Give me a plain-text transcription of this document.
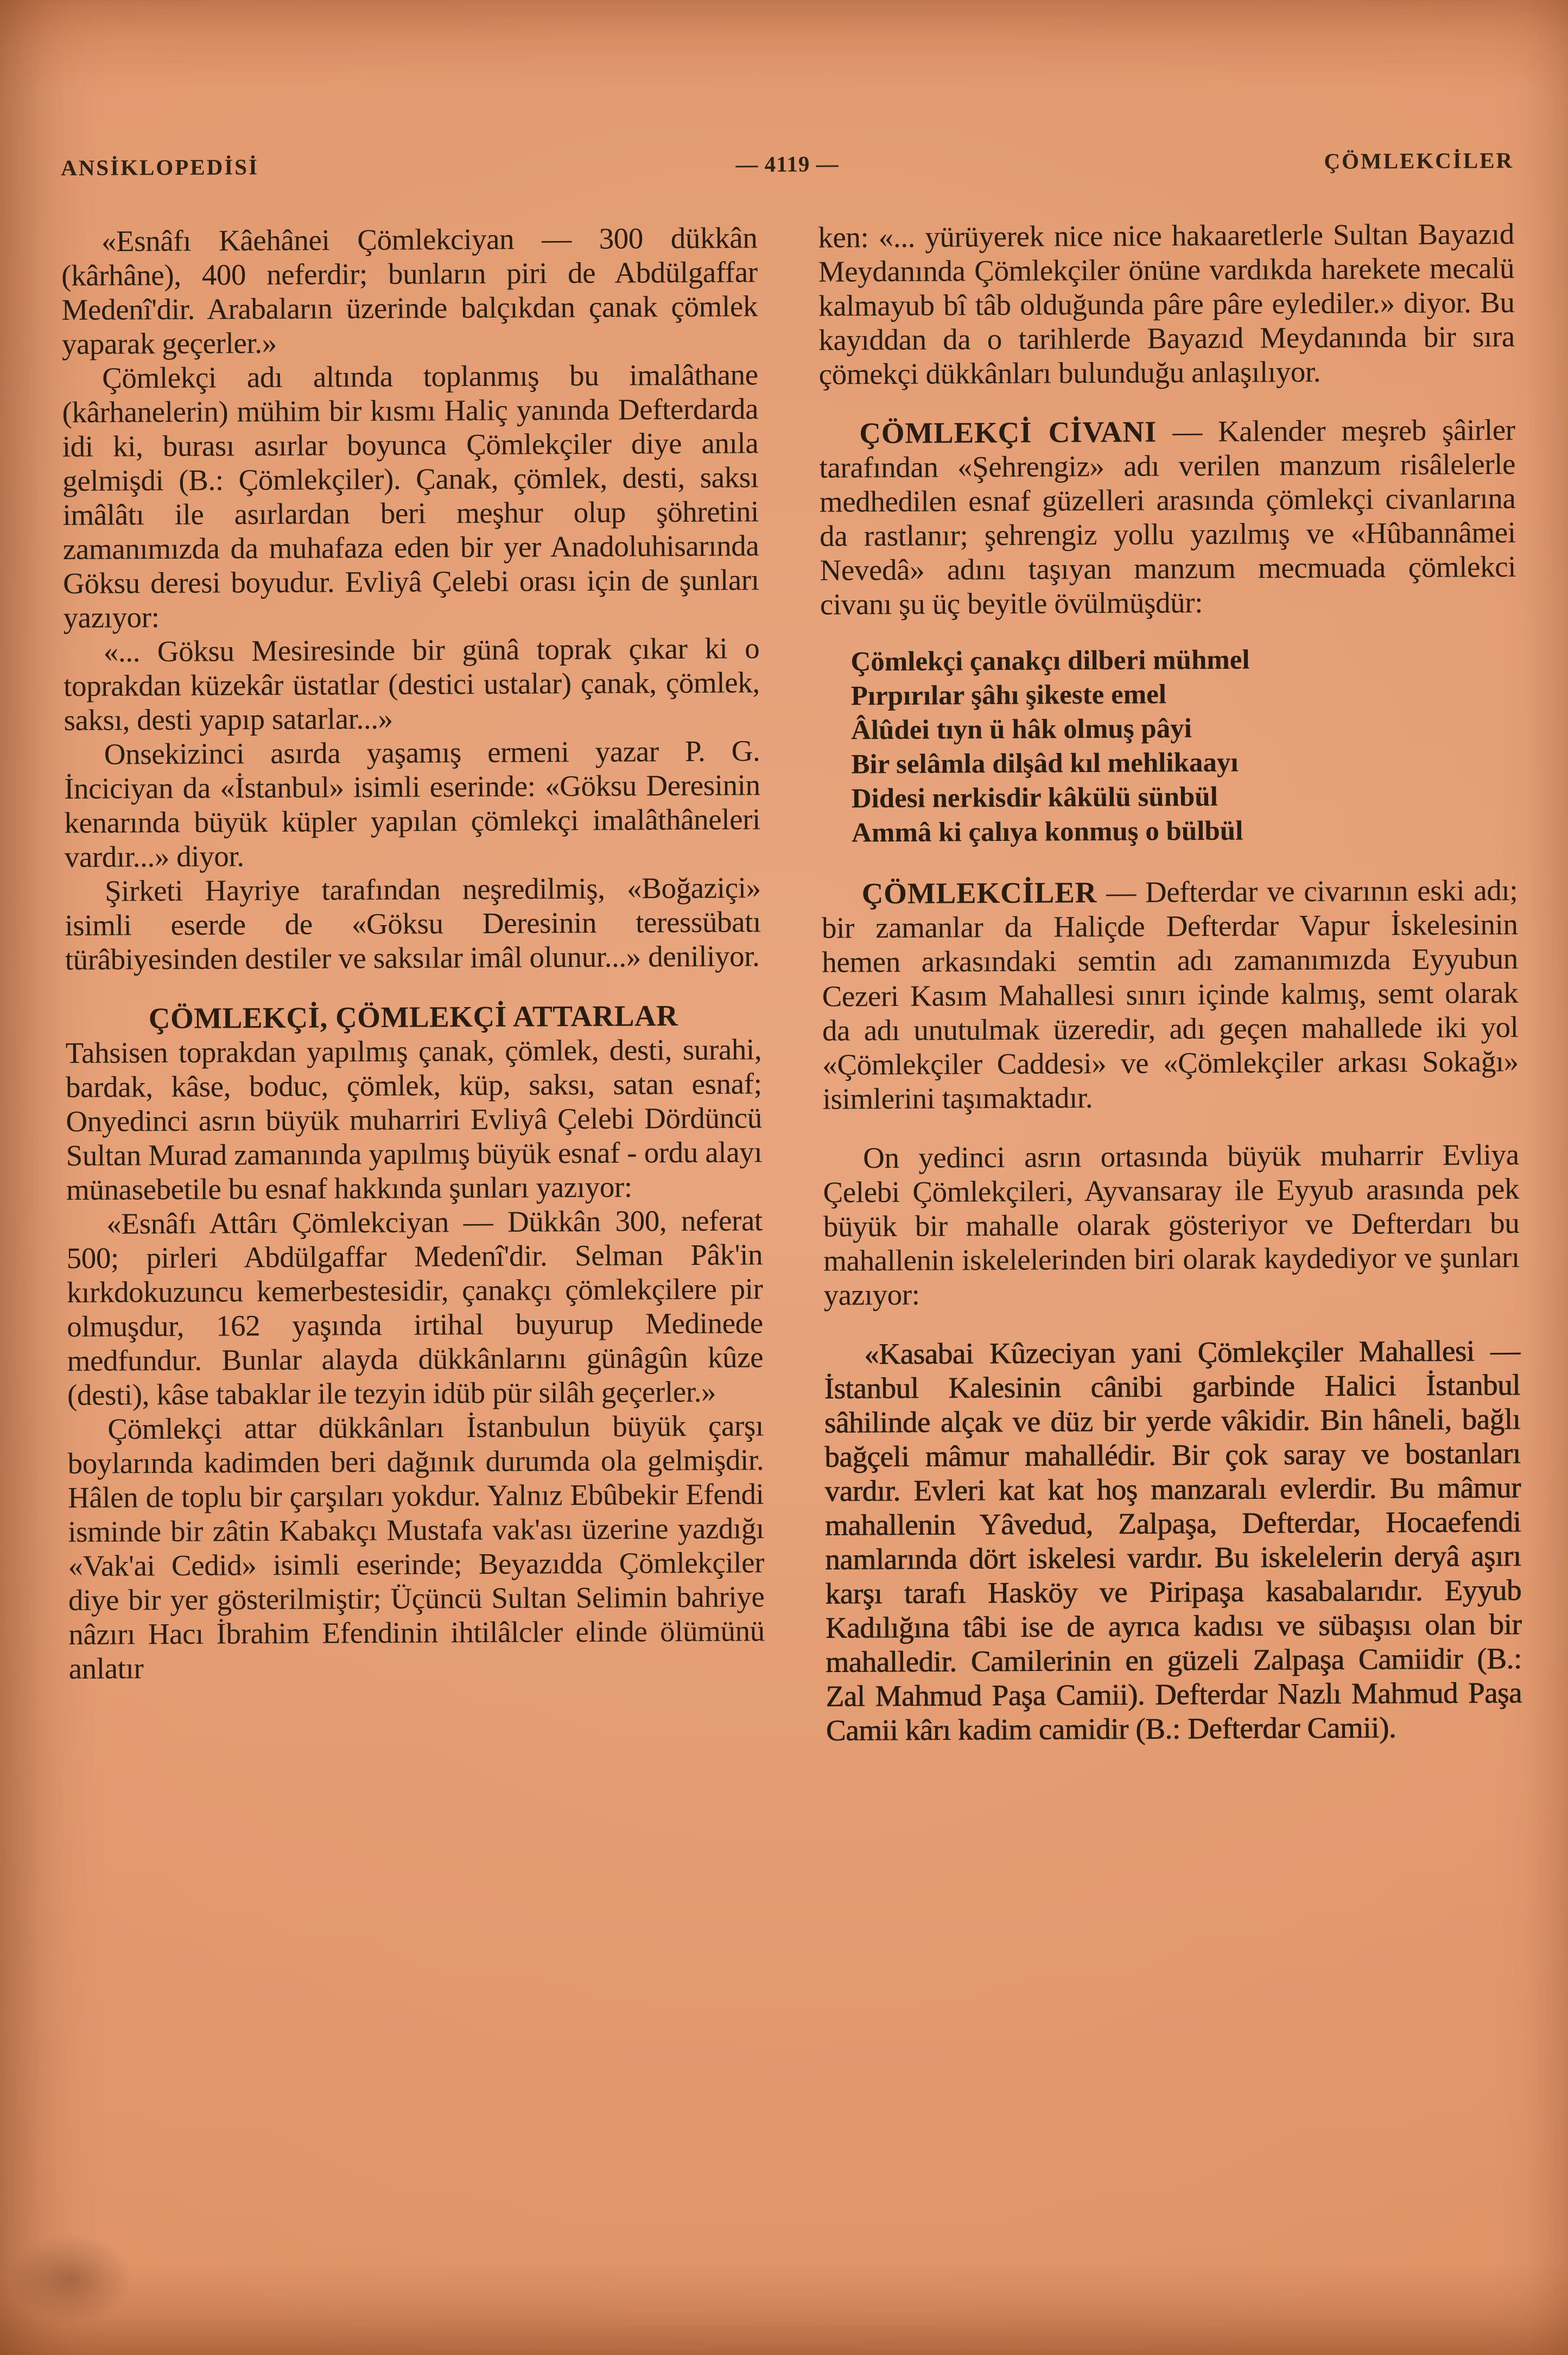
ANSİKLOPEDİSİ	— 4119 —	ÇÖMLEKCİLER

«Esnâfı Kâehânei Çömlekciyan — 300 dükkân (kârhâne), 400 neferdir; bunların piri de Abdülgaffar Medenî'dir. Arabaların üzerinde balçıkdan çanak çömlek yaparak geçerler.»

Çömlekçi adı altında toplanmış bu imalâthane (kârhanelerin) mühim bir kısmı Haliç yanında Defterdarda idi ki, burası asırlar boyunca Çömlekçiler diye anıla gelmişdi (B.: Çömlekçiler). Çanak, çömlek, desti, saksı imâlâtı ile asırlardan beri meşhur olup şöhretini zamanımızda da muhafaza eden bir yer Anadoluhisarında Göksu deresi boyudur. Evliyâ Çelebi orası için de şunları yazıyor:

«... Göksu Mesiresinde bir günâ toprak çıkar ki o toprakdan küzekâr üstatlar (destici ustalar) çanak, çömlek, saksı, desti yapıp satarlar...»

Onsekizinci asırda yaşamış ermeni yazar P. G. İnciciyan da «İstanbul» isimli eserinde: «Göksu Deresinin kenarında büyük küpler yapılan çömlekçi imalâthâneleri vardır...» diyor.

Şirketi Hayriye tarafından neşredilmiş, «Boğaziçi» isimli eserde de «Göksu Deresinin teressübatı türâbiyesinden destiler ve saksılar imâl olunur...» deniliyor.

ÇÖMLEKÇİ, ÇÖMLEKÇİ ATTARLAR

Tahsisen toprakdan yapılmış çanak, çömlek, desti, surahi, bardak, kâse, boduc, çömlek, küp, saksı, satan esnaf; Onyedinci asrın büyük muharriri Evliyâ Çelebi Dördüncü Sultan Murad zamanında yapılmış büyük esnaf - ordu alayı münasebetile bu esnaf hakkında şunları yazıyor:

«Esnâfı Attârı Çömlekciyan — Dükkân 300, neferat 500; pirleri Abdülgaffar Medenî'dir. Selman Pâk'in kırkdokuzuncu kemerbestesidir, çanakçı çömlekçilere pir olmuşdur, 162 yaşında irtihal buyurup Medinede medfundur. Bunlar alayda dükkânlarını günâgûn kûze (desti), kâse tabaklar ile tezyin idüb pür silâh geçerler.»

Çömlekçi attar dükkânları İstanbulun büyük çarşı boylarında kadimden beri dağınık durumda ola gelmişdir. Hâlen de toplu bir çarşıları yokdur. Yalnız Ebûbekir Efendi isminde bir zâtin Kabakçı Mustafa vak'ası üzerine yazdığı «Vak'ai Cedid» isimli eserinde; Beyazıdda Çömlekçiler diye bir yer gösterilmiştir; Üçüncü Sultan Selimin bahriye nâzırı Hacı İbrahim Efendinin ihtilâlcler elinde ölümünü anlatır

ken: «... yürüyerek nice nice hakaaretlerle Sultan Bayazıd Meydanında Çömlekçiler önüne vardıkda harekete mecalü kalmayub bî tâb olduğunda pâre pâre eylediler.» diyor. Bu kayıddan da o tarihlerde Bayazıd Meydanında bir sıra çömekçi dükkânları bulunduğu anlaşılıyor.

ÇÖMLEKÇİ CİVANI — Kalender meşreb şâirler tarafından «Şehrengiz» adı verilen manzum risâlelerle medhedilen esnaf güzelleri arasında çömlekçi civanlarına da rastlanır; şehrengiz yollu yazılmış ve «Hûbannâmei Nevedâ» adını taşıyan manzum mecmuada çömlekci civanı şu üç beyitle övülmüşdür:

Çömlekçi çanakçı dilberi mühmel
Pırpırılar şâhı şikeste emel
Âlûdei tıyn ü hâk olmuş pâyi
Bir selâmla dilşâd kıl mehlikaayı
Didesi nerkisdir kâkülü sünbül
Ammâ ki çalıya konmuş o bülbül

ÇÖMLEKCİLER — Defterdar ve civarının eski adı; bir zamanlar da Haliçde Defterdar Vapur İskelesinin hemen arkasındaki semtin adı zamanımızda Eyyubun Cezeri Kasım Mahallesi sınırı içinde kalmış, semt olarak da adı unutulmak üzeredir, adı geçen mahallede iki yol «Çömlekçiler Caddesi» ve «Çömlekçiler arkası Sokağı» isimlerini taşımaktadır.

On yedinci asrın ortasında büyük muharrir Evliya Çelebi Çömlekçileri, Ayvansaray ile Eyyub arasında pek büyük bir mahalle olarak gösteriyor ve Defterdarı bu mahallenin iskelelerinden biri olarak kaydediyor ve şunları yazıyor:

«Kasabai Kûzeciyan yani Çömlekçiler Mahallesi — İstanbul Kalesinin cânibi garbinde Halici İstanbul sâhilinde alçak ve düz bir yerde vâkidir. Bin hâneli, bağlı bağçeli mâmur mahallédir. Bir çok saray ve bostanları vardır. Evleri kat kat hoş manzaralı evlerdir. Bu mâmur mahallenin Yâvedud, Zalpaşa, Defterdar, Hocaefendi namlarında dört iskelesi vardır. Bu iskelelerin deryâ aşırı karşı tarafı Hasköy ve Piripaşa kasabalarıdır. Eyyub Kadılığına tâbi ise de ayrıca kadısı ve sübaşısı olan bir mahalledir. Camilerinin en güzeli Zalpaşa Camiidir (B.: Zal Mahmud Paşa Camii). Defterdar Nazlı Mahmud Paşa Camii kârı kadim camidir (B.: Defterdar Camii).
